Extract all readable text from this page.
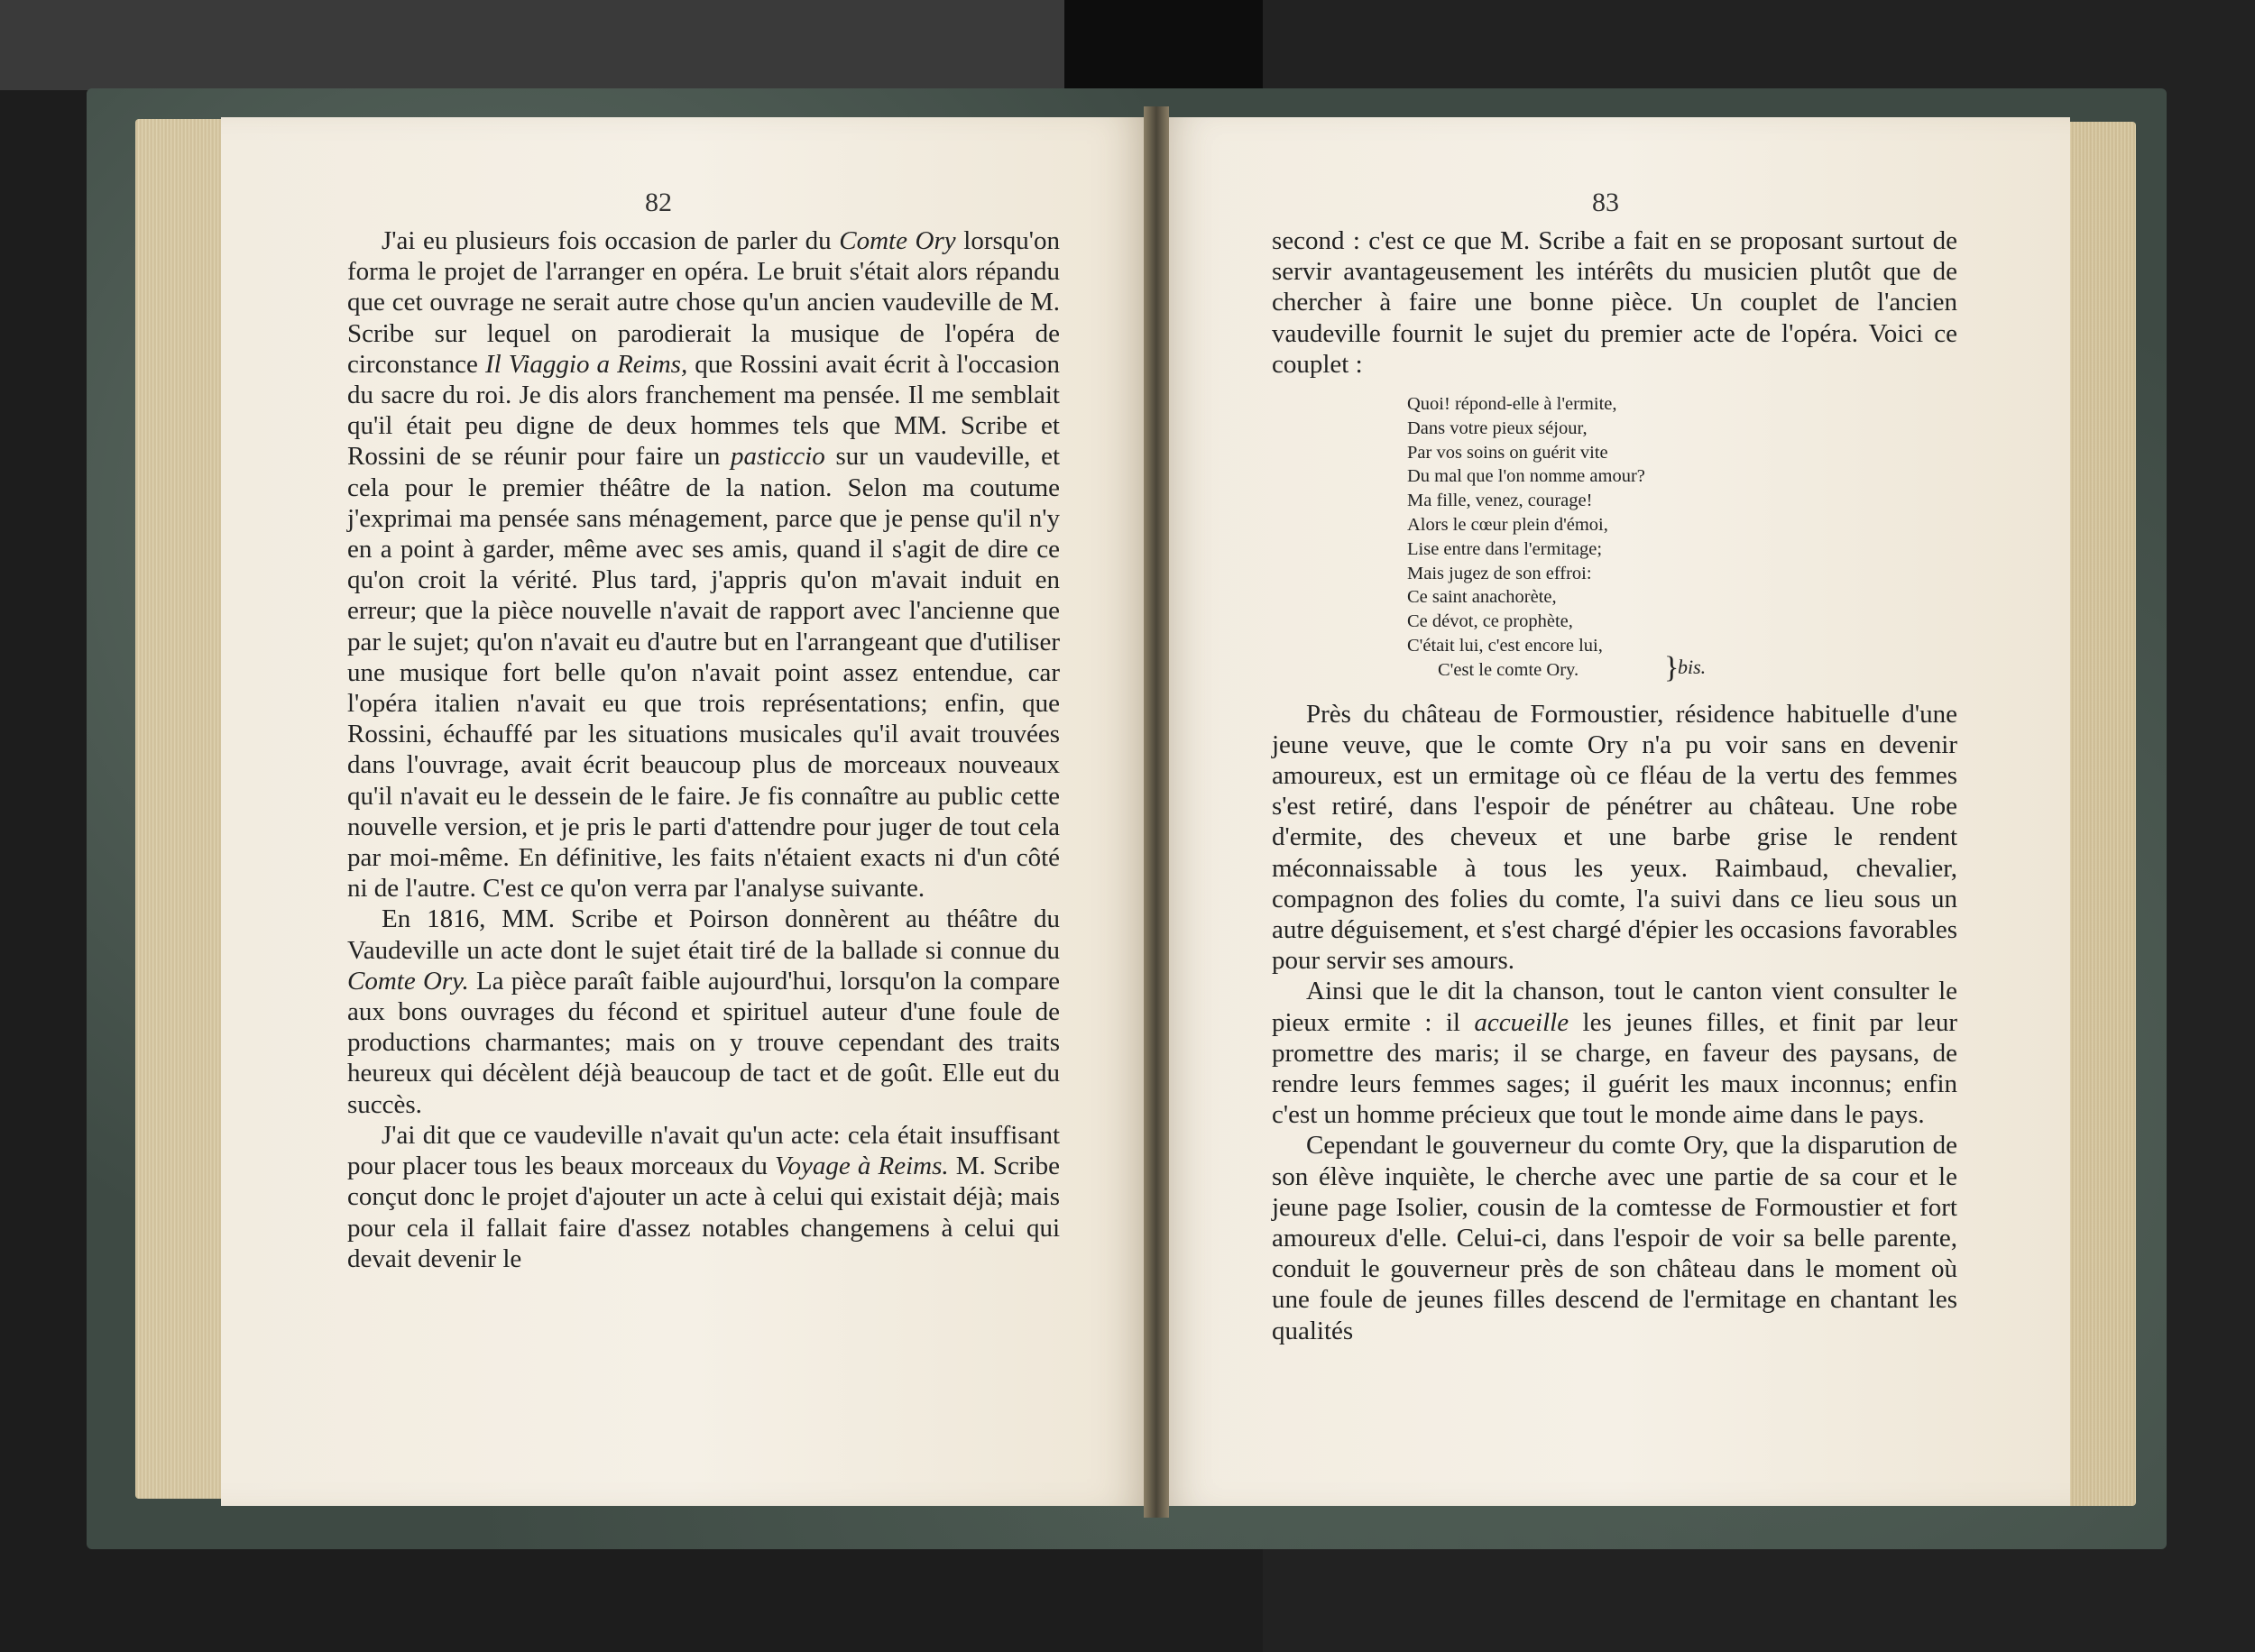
82

J'ai eu plusieurs fois occasion de parler du Comte Ory lorsqu'on forma le projet de l'arranger en opéra. Le bruit s'était alors répandu que cet ouvrage ne serait autre chose qu'un ancien vaudeville de M. Scribe sur lequel on parodierait la musique de l'opéra de circonstance Il Viaggio a Reims, que Rossini avait écrit à l'occasion du sacre du roi. Je dis alors franchement ma pensée. Il me semblait qu'il était peu digne de deux hommes tels que MM. Scribe et Rossini de se réunir pour faire un pasticcio sur un vaudeville, et cela pour le premier théâtre de la nation. Selon ma coutume j'exprimai ma pensée sans ménagement, parce que je pense qu'il n'y en a point à garder, même avec ses amis, quand il s'agit de dire ce qu'on croit la vérité. Plus tard, j'appris qu'on m'avait induit en erreur; que la pièce nouvelle n'avait de rapport avec l'ancienne que par le sujet; qu'on n'avait eu d'autre but en l'arrangeant que d'utiliser une musique fort belle qu'on n'avait point assez entendue, car l'opéra italien n'avait eu que trois représentations; enfin, que Rossini, échauffé par les situations musicales qu'il avait trouvées dans l'ouvrage, avait écrit beaucoup plus de morceaux nouveaux qu'il n'avait eu le dessein de le faire. Je fis connaître au public cette nouvelle version, et je pris le parti d'attendre pour juger de tout cela par moi-même. En définitive, les faits n'étaient exacts ni d'un côté ni de l'autre. C'est ce qu'on verra par l'analyse suivante.

En 1816, MM. Scribe et Poirson donnèrent au théâtre du Vaudeville un acte dont le sujet était tiré de la ballade si connue du Comte Ory. La pièce paraît faible aujourd'hui, lorsqu'on la compare aux bons ouvrages du fécond et spirituel auteur d'une foule de productions charmantes; mais on y trouve cependant des traits heureux qui décèlent déjà beaucoup de tact et de goût. Elle eut du succès.

J'ai dit que ce vaudeville n'avait qu'un acte: cela était insuffisant pour placer tous les beaux morceaux du Voyage à Reims. M. Scribe conçut donc le projet d'ajouter un acte à celui qui existait déjà; mais pour cela il fallait faire d'assez notables changemens à celui qui devait devenir le

83

second : c'est ce que M. Scribe a fait en se proposant surtout de servir avantageusement les intérêts du musicien plutôt que de chercher à faire une bonne pièce. Un couplet de l'ancien vaudeville fournit le sujet du premier acte de l'opéra. Voici ce couplet :

Quoi! répond-elle à l'ermite,
Dans votre pieux séjour,
Par vos soins on guérit vite
Du mal que l'on nomme amour?
Ma fille, venez, courage!
Alors le cœur plein d'émoi,
Lise entre dans l'ermitage;
Mais jugez de son effroi:
Ce saint anachorète,
Ce dévot, ce prophète,
C'était lui, c'est encore lui,
C'est le comte Ory.	}
bis.

Près du château de Formoustier, résidence habituelle d'une jeune veuve, que le comte Ory n'a pu voir sans en devenir amoureux, est un ermitage où ce fléau de la vertu des femmes s'est retiré, dans l'espoir de pénétrer au château. Une robe d'ermite, des cheveux et une barbe grise le rendent méconnaissable à tous les yeux. Raimbaud, chevalier, compagnon des folies du comte, l'a suivi dans ce lieu sous un autre déguisement, et s'est chargé d'épier les occasions favorables pour servir ses amours.

Ainsi que le dit la chanson, tout le canton vient consulter le pieux ermite : il accueille les jeunes filles, et finit par leur promettre des maris; il se charge, en faveur des paysans, de rendre leurs femmes sages; il guérit les maux inconnus; enfin c'est un homme précieux que tout le monde aime dans le pays.

Cependant le gouverneur du comte Ory, que la disparution de son élève inquiète, le cherche avec une partie de sa cour et le jeune page Isolier, cousin de la comtesse de Formoustier et fort amoureux d'elle. Celui-ci, dans l'espoir de voir sa belle parente, conduit le gouverneur près de son château dans le moment où une foule de jeunes filles descend de l'ermitage en chantant les qualités
